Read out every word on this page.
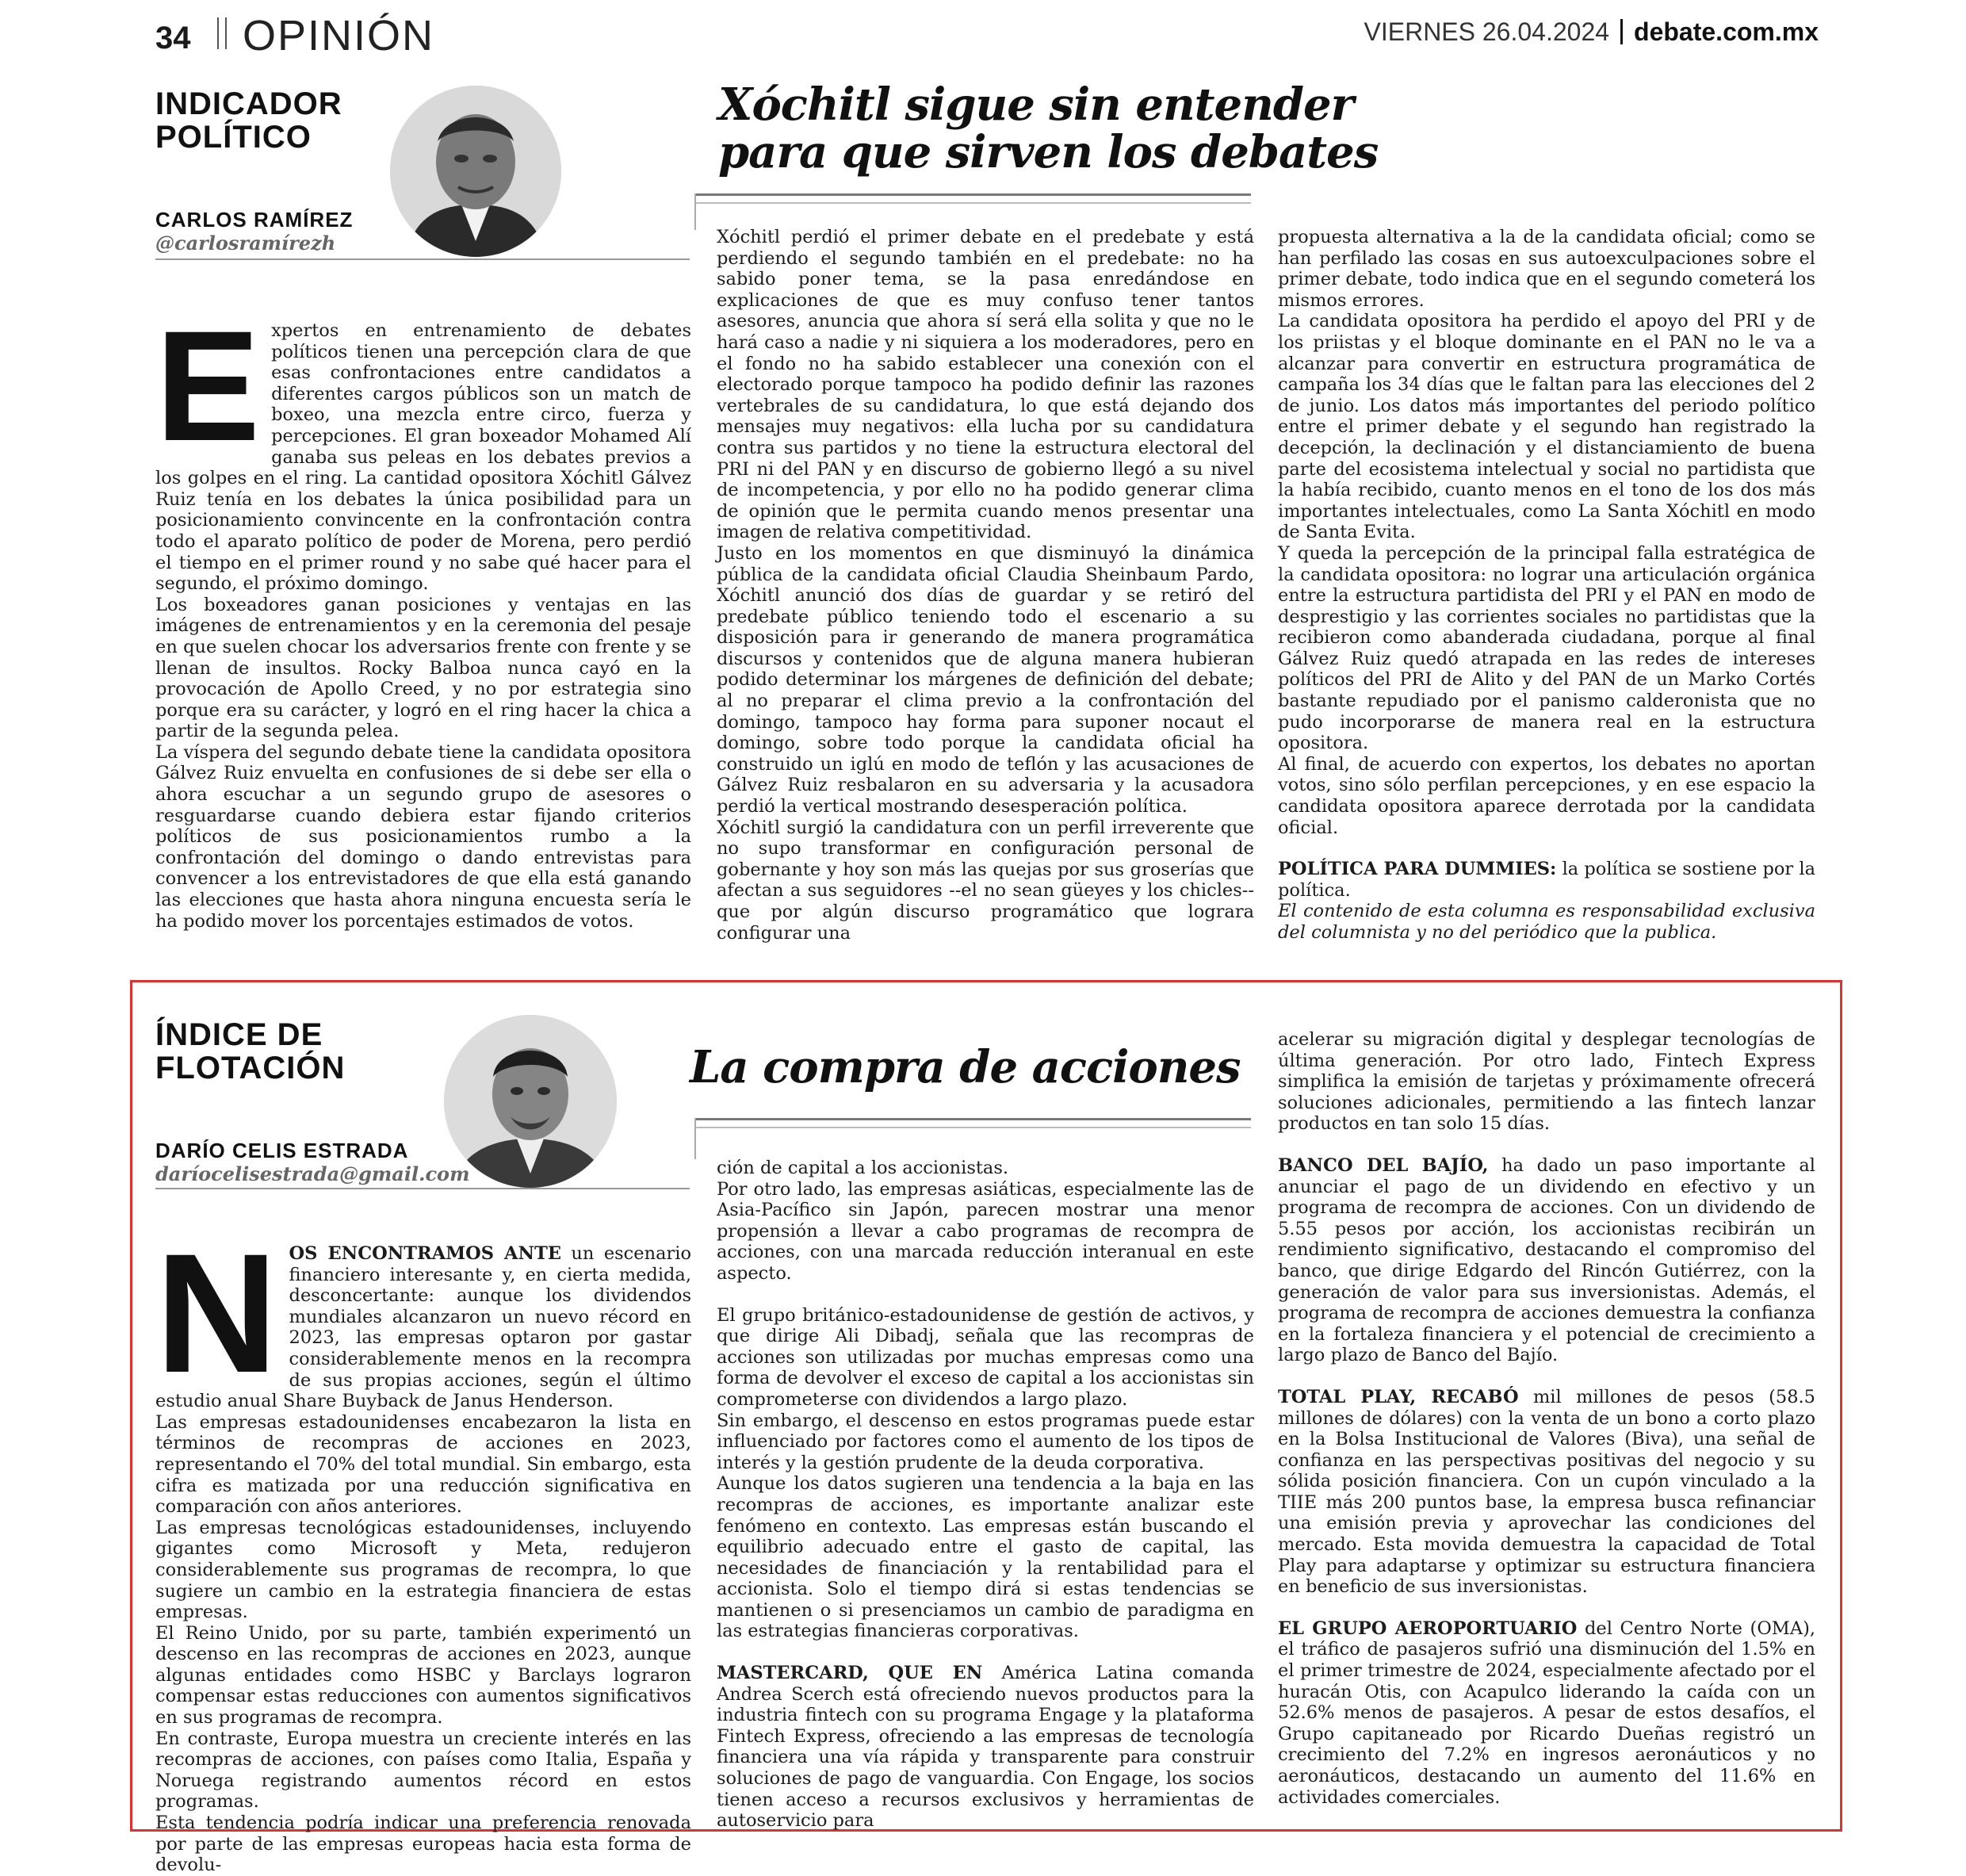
34 OPINIÓN	VIERNES 26.04.2024 debate.com.mx
INDICADOR
POLÍTICO
Xóchitl sigue sin entender
para que sirven los debates
CARLOS RAMÍREZ
@carlosramírezh
E xpertos en entrenamiento de debates políticos tienen una percepción clara de que esas confrontaciones entre candidatos a diferentes cargos públicos son un match de boxeo, una mezcla entre circo, fuerza y percepciones. El gran boxeador Mohamed Alí ganaba sus peleas en los debates previos a los golpes en el ring. La cantidad opositora Xóchitl Gálvez Ruiz tenía en los debates la única posibilidad para un posicionamiento convincente en la confrontación contra todo el aparato político de poder de Morena, pero perdió el tiempo en el primer round y no sabe qué hacer para el segundo, el próximo domingo.

Los boxeadores ganan posiciones y ventajas en las imágenes de entrenamientos y en la ceremonia del pesaje en que suelen chocar los adversarios frente con frente y se llenan de insultos. Rocky Balboa nunca cayó en la provocación de Apollo Creed, y no por estrategia sino porque era su carácter, y logró en el ring hacer la chica a partir de la segunda pelea.

La víspera del segundo debate tiene la candidata opositora Gálvez Ruiz envuelta en confusiones de si debe ser ella o ahora escuchar a un segundo grupo de asesores o resguardarse cuando debiera estar fijando criterios políticos de sus posicionamientos rumbo a la confrontación del domingo o dando entrevistas para convencer a los entrevistadores de que ella está ganando las elecciones que hasta ahora ninguna encuesta sería le ha podido mover los porcentajes estimados de votos.

Xóchitl perdió el primer debate en el predebate y está perdiendo el segundo también en el predebate: no ha sabido poner tema, se la pasa enredándose en explicaciones de que es muy confuso tener tantos asesores, anuncia que ahora sí será ella solita y que no le hará caso a nadie y ni siquiera a los moderadores, pero en el fondo no ha sabido establecer una conexión con el electorado porque tampoco ha podido definir las razones vertebrales de su candidatura, lo que está dejando dos mensajes muy negativos: ella lucha por su candidatura contra sus partidos y no tiene la estructura electoral del PRI ni del PAN y en discurso de gobierno llegó a su nivel de incompetencia, y por ello no ha podido generar clima de opinión que le permita cuando menos presentar una imagen de relativa competitividad.

Justo en los momentos en que disminuyó la dinámica pública de la candidata oficial Claudia Sheinbaum Pardo, Xóchitl anunció dos días de guardar y se retiró del predebate público teniendo todo el escenario a su disposición para ir generando de manera programática discursos y contenidos que de alguna manera hubieran podido determinar los márgenes de definición del debate; al no preparar el clima previo a la confrontación del domingo, tampoco hay forma para suponer nocaut el domingo, sobre todo porque la candidata oficial ha construido un iglú en modo de teflón y las acusaciones de Gálvez Ruiz resbalaron en su adversaria y la acusadora perdió la vertical mostrando desesperación política.

Xóchitl surgió la candidatura con un perfil irreverente que no supo transformar en configuración personal de gobernante y hoy son más las quejas por sus groserías que afectan a sus seguidores --el no sean güeyes y los chicles-- que por algún discurso programático que lograra configurar una

propuesta alternativa a la de la candidata oficial; como se han perfilado las cosas en sus autoexculpaciones sobre el primer debate, todo indica que en el segundo cometerá los mismos errores.

La candidata opositora ha perdido el apoyo del PRI y de los priistas y el bloque dominante en el PAN no le va a alcanzar para convertir en estructura programática de campaña los 34 días que le faltan para las elecciones del 2 de junio. Los datos más importantes del periodo político entre el primer debate y el segundo han registrado la decepción, la declinación y el distanciamiento de buena parte del ecosistema intelectual y social no partidista que la había recibido, cuanto menos en el tono de los dos más importantes intelectuales, como La Santa Xóchitl en modo de Santa Evita.

Y queda la percepción de la principal falla estratégica de la candidata opositora: no lograr una articulación orgánica entre la estructura partidista del PRI y el PAN en modo de desprestigio y las corrientes sociales no partidistas que la recibieron como abanderada ciudadana, porque al final Gálvez Ruiz quedó atrapada en las redes de intereses políticos del PRI de Alito y del PAN de un Marko Cortés bastante repudiado por el panismo calderonista que no pudo incorporarse de manera real en la estructura opositora.

Al final, de acuerdo con expertos, los debates no aportan votos, sino sólo perfilan percepciones, y en ese espacio la candidata opositora aparece derrotada por la candidata oficial.

POLÍTICA PARA DUMMIES: la política se sostiene por la política.

El contenido de esta columna es responsabilidad exclusiva del columnista y no del periódico que la publica.

ÍNDICE DE
FLOTACIÓN	La compra de acciones
DARÍO CELIS ESTRADA
daríocelisestrada@gmail.com
N OS ENCONTRAMOS ANTE un escenario financiero interesante y, en cierta medida, desconcertante: aunque los dividendos mundiales alcanzaron un nuevo récord en 2023, las empresas optaron por gastar considerablemente menos en la recompra de sus propias acciones, según el último estudio anual Share Buyback de Janus Henderson.

Las empresas estadounidenses encabezaron la lista en términos de recompras de acciones en 2023, representando el 70% del total mundial. Sin embargo, esta cifra es matizada por una reducción significativa en comparación con años anteriores.

Las empresas tecnológicas estadounidenses, incluyendo gigantes como Microsoft y Meta, redujeron considerablemente sus programas de recompra, lo que sugiere un cambio en la estrategia financiera de estas empresas.

El Reino Unido, por su parte, también experimentó un descenso en las recompras de acciones en 2023, aunque algunas entidades como HSBC y Barclays lograron compensar estas reducciones con aumentos significativos en sus programas de recompra.

En contraste, Europa muestra un creciente interés en las recompras de acciones, con países como Italia, España y Noruega registrando aumentos récord en estos programas.

Esta tendencia podría indicar una preferencia renovada por parte de las empresas europeas hacia esta forma de devolu-

ción de capital a los accionistas.

Por otro lado, las empresas asiáticas, especialmente las de Asia-Pacífico sin Japón, parecen mostrar una menor propensión a llevar a cabo programas de recompra de acciones, con una marcada reducción interanual en este aspecto.

El grupo británico-estadounidense de gestión de activos, y que dirige Ali Dibadj, señala que las recompras de acciones son utilizadas por muchas empresas como una forma de devolver el exceso de capital a los accionistas sin comprometerse con dividendos a largo plazo.

Sin embargo, el descenso en estos programas puede estar influenciado por factores como el aumento de los tipos de interés y la gestión prudente de la deuda corporativa.

Aunque los datos sugieren una tendencia a la baja en las recompras de acciones, es importante analizar este fenómeno en contexto. Las empresas están buscando el equilibrio adecuado entre el gasto de capital, las necesidades de financiación y la rentabilidad para el accionista. Solo el tiempo dirá si estas tendencias se mantienen o si presenciamos un cambio de paradigma en las estrategias financieras corporativas.

MASTERCARD, QUE EN América Latina comanda Andrea Scerch está ofreciendo nuevos productos para la industria fintech con su programa Engage y la plataforma Fintech Express, ofreciendo a las empresas de tecnología financiera una vía rápida y transparente para construir soluciones de pago de vanguardia. Con Engage, los socios tienen acceso a recursos exclusivos y herramientas de autoservicio para

acelerar su migración digital y desplegar tecnologías de última generación. Por otro lado, Fintech Express simplifica la emisión de tarjetas y próximamente ofrecerá soluciones adicionales, permitiendo a las fintech lanzar productos en tan solo 15 días.

BANCO DEL BAJÍO, ha dado un paso importante al anunciar el pago de un dividendo en efectivo y un programa de recompra de acciones. Con un dividendo de 5.55 pesos por acción, los accionistas recibirán un rendimiento significativo, destacando el compromiso del banco, que dirige Edgardo del Rincón Gutiérrez, con la generación de valor para sus inversionistas. Además, el programa de recompra de acciones demuestra la confianza en la fortaleza financiera y el potencial de crecimiento a largo plazo de Banco del Bajío.

TOTAL PLAY, RECABÓ mil millones de pesos (58.5 millones de dólares) con la venta de un bono a corto plazo en la Bolsa Institucional de Valores (Biva), una señal de confianza en las perspectivas positivas del negocio y su sólida posición financiera. Con un cupón vinculado a la TIIE más 200 puntos base, la empresa busca refinanciar una emisión previa y aprovechar las condiciones del mercado. Esta movida demuestra la capacidad de Total Play para adaptarse y optimizar su estructura financiera en beneficio de sus inversionistas.

EL GRUPO AEROPORTUARIO del Centro Norte (OMA), el tráfico de pasajeros sufrió una disminución del 1.5% en el primer trimestre de 2024, especialmente afectado por el huracán Otis, con Acapulco liderando la caída con un 52.6% menos de pasajeros. A pesar de estos desafíos, el Grupo capitaneado por Ricardo Dueñas registró un crecimiento del 7.2% en ingresos aeronáuticos y no aeronáuticos, destacando un aumento del 11.6% en actividades comerciales.
